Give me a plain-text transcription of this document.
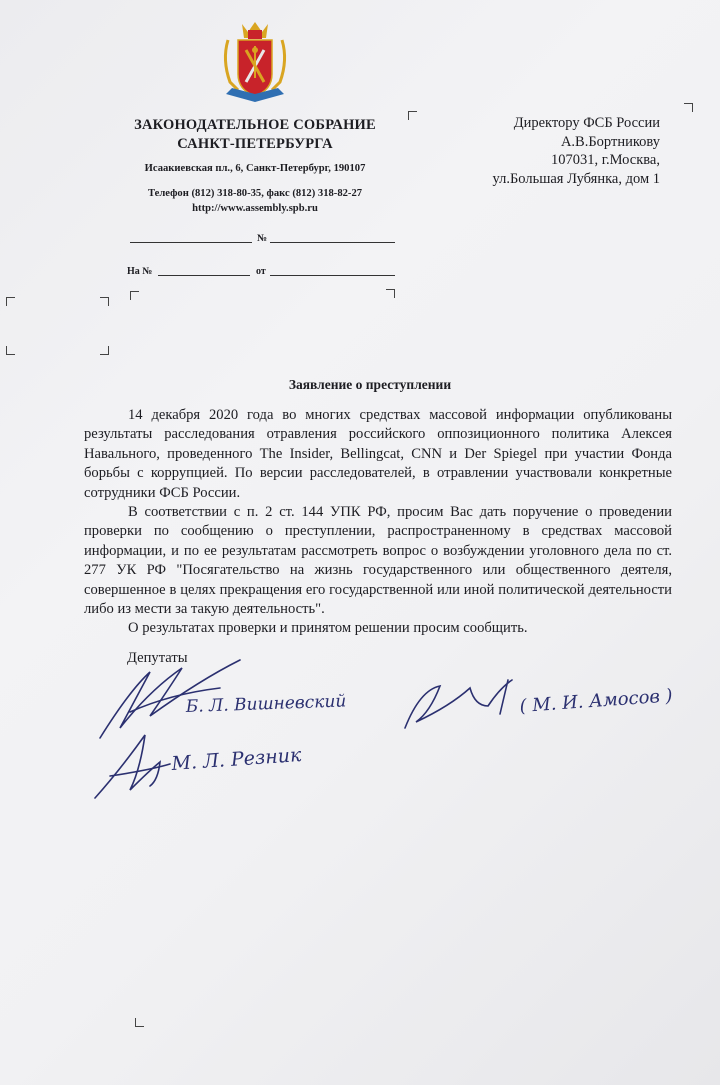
ЗАКОНОДАТЕЛЬНОЕ СОБРАНИЕ
САНКТ-ПЕТЕРБУРГА
Исаакиевская пл., 6, Санкт-Петербург, 190107
Телефон (812) 318-80-35, факс (812) 318-82-27
http://www.assembly.spb.ru
№
На №	от
Директору ФСБ России
А.В.Бортникову
107031, г.Москва,
ул.Большая Лубянка, дом 1
Заявление о преступлении

14 декабря 2020 года во многих средствах массовой информации опубликованы результаты расследования отравления российского оппозиционного политика Алексея Навального, проведенного The Insider, Bellingcat, CNN и Der Spiegel при участии Фонда борьбы с коррупцией. По версии расследователей, в отравлении участвовали конкретные сотрудники ФСБ России.

В соответствии с п. 2 ст. 144 УПК РФ, просим Вас дать поручение о проведении проверки по сообщению о преступлении, распространенному в средствах массовой информации, и по ее результатам рассмотреть вопрос о возбуждении уголовного дела по ст. 277 УК РФ "Посягательство на жизнь государственного или общественного деятеля, совершенное в целях прекращения его государственной или иной политической деятельности либо из мести за такую деятельность".

О результатах проверки и принятом решении просим сообщить.

Депутаты
Б. Л. Вишневский	( М. И. Амосов )
М. Л. Резник
